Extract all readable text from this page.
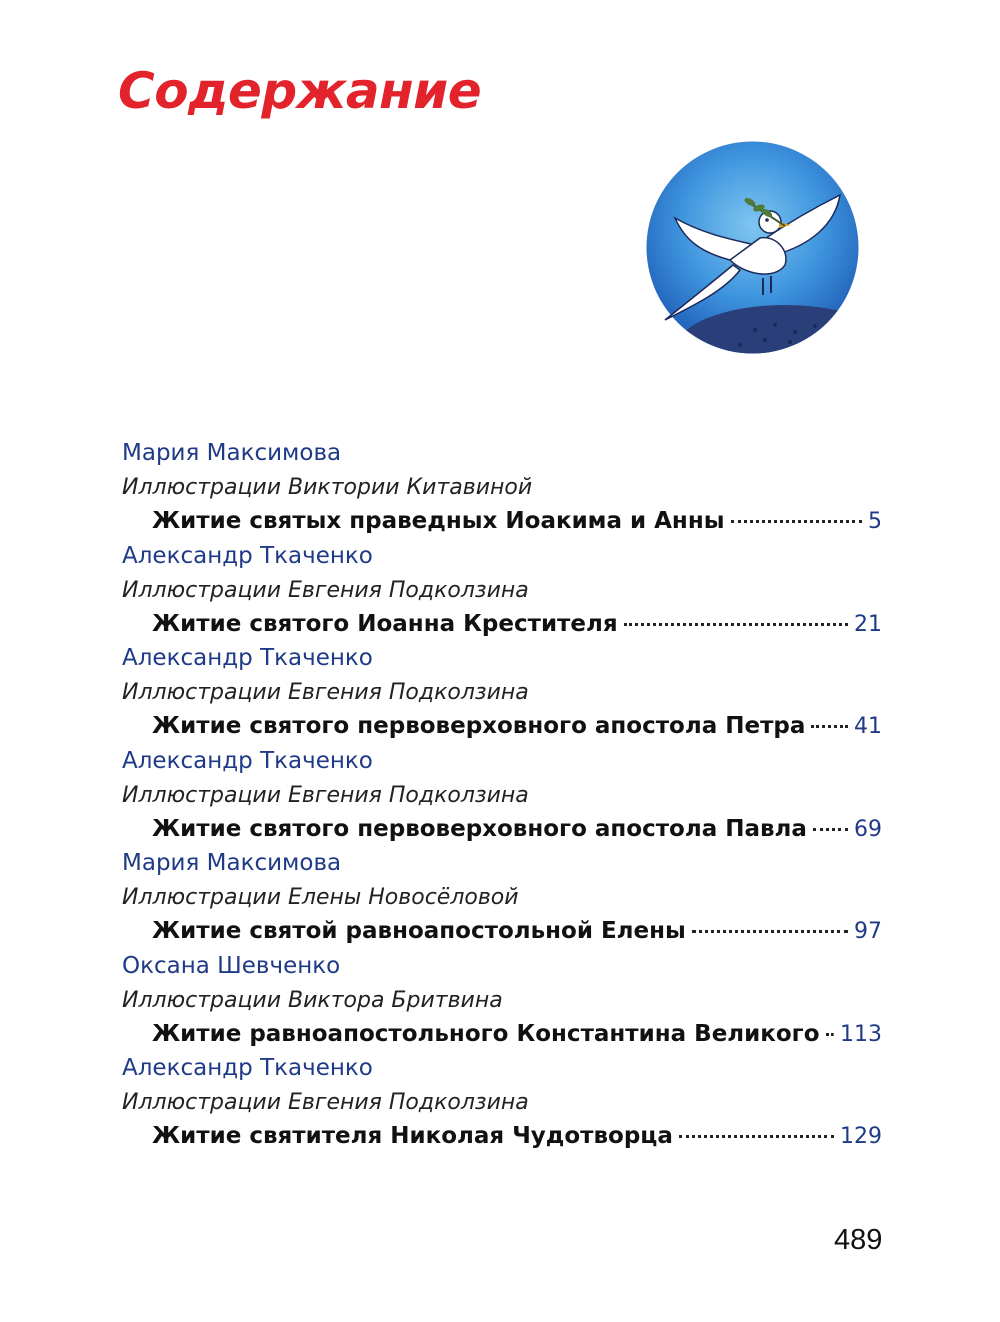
Содержание
Мария Максимова
Иллюстрации Виктории Китавиной
Житие святых праведных Иоакима и Анны	5
Александр Ткаченко
Иллюстрации Евгения Подколзина
Житие святого Иоанна Крестителя	21
Александр Ткаченко
Иллюстрации Евгения Подколзина
Житие святого первоверховного апостола Петра 41
Александр Ткаченко
Иллюстрации Евгения Подколзина
Житие святого первоверховного апостола Павла 69
Мария Максимова
Иллюстрации Елены Новосёловой
Житие святой равноапостольной Елены	97
Оксана Шевченко
Иллюстрации Виктора Бритвина
Житие равноапостольного Константина Великого 113
Александр Ткаченко
Иллюстрации Евгения Подколзина
Житие святителя Николая Чудотворца	129
489
